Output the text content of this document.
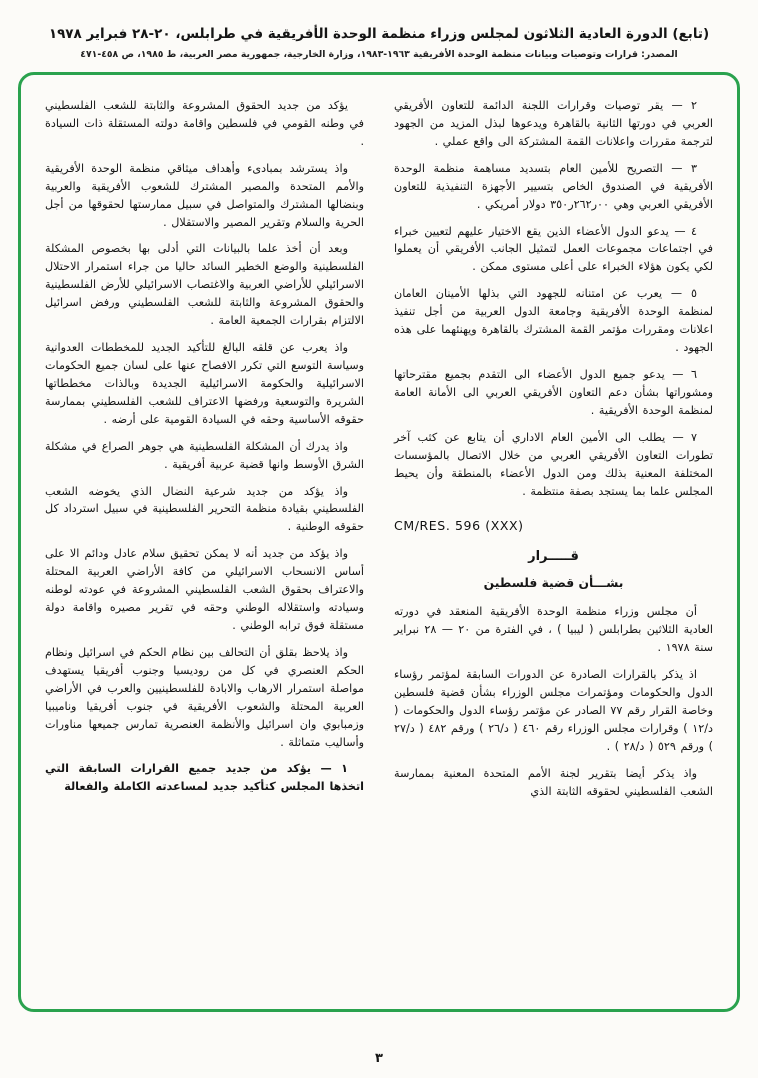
(تابع) الدورة العادية الثلاثون لمجلس وزراء منظمة الوحدة الأفريقية في طرابلس، ٢٠-٢٨ فبراير ١٩٧٨
المصدر: قرارات وتوصيات وبيانات منظمة الوحدة الأفريقية ١٩٦٣-١٩٨٣، وزارة الخارجية، جمهورية مصر العربية، ط ١٩٨٥، ص ٤٥٨-٤٧١

٢ — يقر توصيات وقرارات اللجنة الدائمة للتعاون الأفريقي العربي في دورتها الثانية بالقاهرة ويدعوها لبذل المزيد من الجهود لترجمة مقررات واعلانات القمة المشتركة الى واقع عملي .

٣ — التصريح للأمين العام بتسديد مساهمة منظمة الوحدة الأفريقية في الصندوق الخاص بتسيير الأجهزة التنفيذية للتعاون الأفريقي العربي وهي ٠٠ر٢٦٢ر٣٥٠ دولار أمريكي .

٤ — يدعو الدول الأعضاء الذين يقع الاختيار عليهم لتعيين خبراء في اجتماعات مجموعات العمل لتمثيل الجانب الأفريقي أن يعملوا لكي يكون هؤلاء الخبراء على أعلى مستوى ممكن .

٥ — يعرب عن امتنانه للجهود التي بذلها الأمينان العامان لمنظمة الوحدة الأفريقية وجامعة الدول العربية من أجل تنفيذ اعلانات ومقررات مؤتمر القمة المشترك بالقاهرة ويهنئهما على هذه الجهود .

٦ — يدعو جميع الدول الأعضاء الى التقدم بجميع مقترحاتها ومشوراتها بشأن دعم التعاون الأفريقي العربي الى الأمانة العامة لمنظمة الوحدة الأفريقية .

٧ — يطلب الى الأمين العام الاداري أن يتابع عن كثب آخر تطورات التعاون الأفريقي العربي من خلال الاتصال بالمؤسسات المختلفة المعنية بذلك ومن الدول الأعضاء بالمنطقة وأن يحيط المجلس علما بما يستجد بصفة منتظمة .

CM/RES. 596 (XXX)
قـــــرار
بشـــأن قضية فلسطين

أن مجلس وزراء منظمة الوحدة الأفريقية المنعقد في دورته العادية الثلاثين بطرابلس ( ليبيا ) ، في الفترة من ٢٠ — ٢٨ نبراير سنة ١٩٧٨ .

اذ يذكر بالقرارات الصادرة عن الدورات السابقة لمؤتمر رؤساء الدول والحكومات ومؤتمرات مجلس الوزراء بشأن قضية فلسطين وخاصة القرار رقم ٧٧ الصادر عن مؤتمر رؤساء الدول والحكومات ( د/١٢ ) وقرارات مجلس الوزراء رقم ٤٦٠ ( د/٢٦ ) ورقم ٤٨٢ ( د/٢٧ ) ورقم ٥٢٩ ( د/٢٨ ) .

واذ يذكر أيضا بتقرير لجنة الأمم المتحدة المعنية بممارسة الشعب الفلسطيني لحقوقه الثابتة الذي

يؤكد من جديد الحقوق المشروعة والثابتة للشعب الفلسطيني في وطنه القومي في فلسطين واقامة دولته المستقلة ذات السيادة .

واذ يسترشد بمبادىء وأهداف ميثاقي منظمة الوحدة الأفريقية والأمم المتحدة والمصير المشترك للشعوب الأفريقية والعربية وبنضالها المشترك والمتواصل في سبيل ممارستها لحقوقها من أجل الحرية والسلام وتقرير المصير والاستقلال .

وبعد أن أخذ علما بالبيانات التي أدلى بها بخصوص المشكلة الفلسطينية والوضع الخطير السائد حاليا من جراء استمرار الاحتلال الاسرائيلي للأراضي العربية والاغتصاب الاسرائيلي للأرض الفلسطينية والحقوق المشروعة والثابتة للشعب الفلسطيني ورفض اسرائيل الالتزام بقرارات الجمعية العامة .

واذ يعرب عن قلقه البالغ للتأكيد الجديد للمخططات العدوانية وسياسة التوسع التي تكرر الافصاح عنها على لسان جميع الحكومات الاسرائيلية والحكومة الاسرائيلية الجديدة وبالذات مخططاتها الشريرة والتوسعية ورفضها الاعتراف للشعب الفلسطيني بممارسة حقوقه الأساسية وحقه في السيادة القومية على أرضه .

واذ يدرك أن المشكلة الفلسطينية هي جوهر الصراع في مشكلة الشرق الأوسط وانها قضية عربية أفريقية .

واذ يؤكد من جديد شرعية النضال الذي يخوضه الشعب الفلسطيني بقيادة منظمة التحرير الفلسطينية في سبيل استرداد كل حقوقه الوطنية .

واذ يؤكد من جديد أنه لا يمكن تحقيق سلام عادل ودائم الا على أساس الانسحاب الاسرائيلي من كافة الأراضي العربية المحتلة والاعتراف بحقوق الشعب الفلسطيني المشروعة في عودته لوطنه وسيادته واستقلاله الوطني وحقه في تقرير مصيره واقامة دولة مستقلة فوق ترابه الوطني .

واذ يلاحظ بقلق أن التحالف بين نظام الحكم في اسرائيل ونظام الحكم العنصري في كل من روديسيا وجنوب أفريقيا يستهدف مواصلة استمرار الارهاب والابادة للفلسطينيين والعرب في الأراضي العربية المحتلة والشعوب الأفريقية في جنوب أفريقيا وناميبيا وزمبابوي وان اسرائيل والأنظمة العنصرية تمارس جميعها مناورات وأساليب متماثلة .

١ — يؤكد من جديد جميع القرارات السابقة التي اتخذها المجلس كتأكيد جديد لمساعدته الكاملة والفعالة

٣
